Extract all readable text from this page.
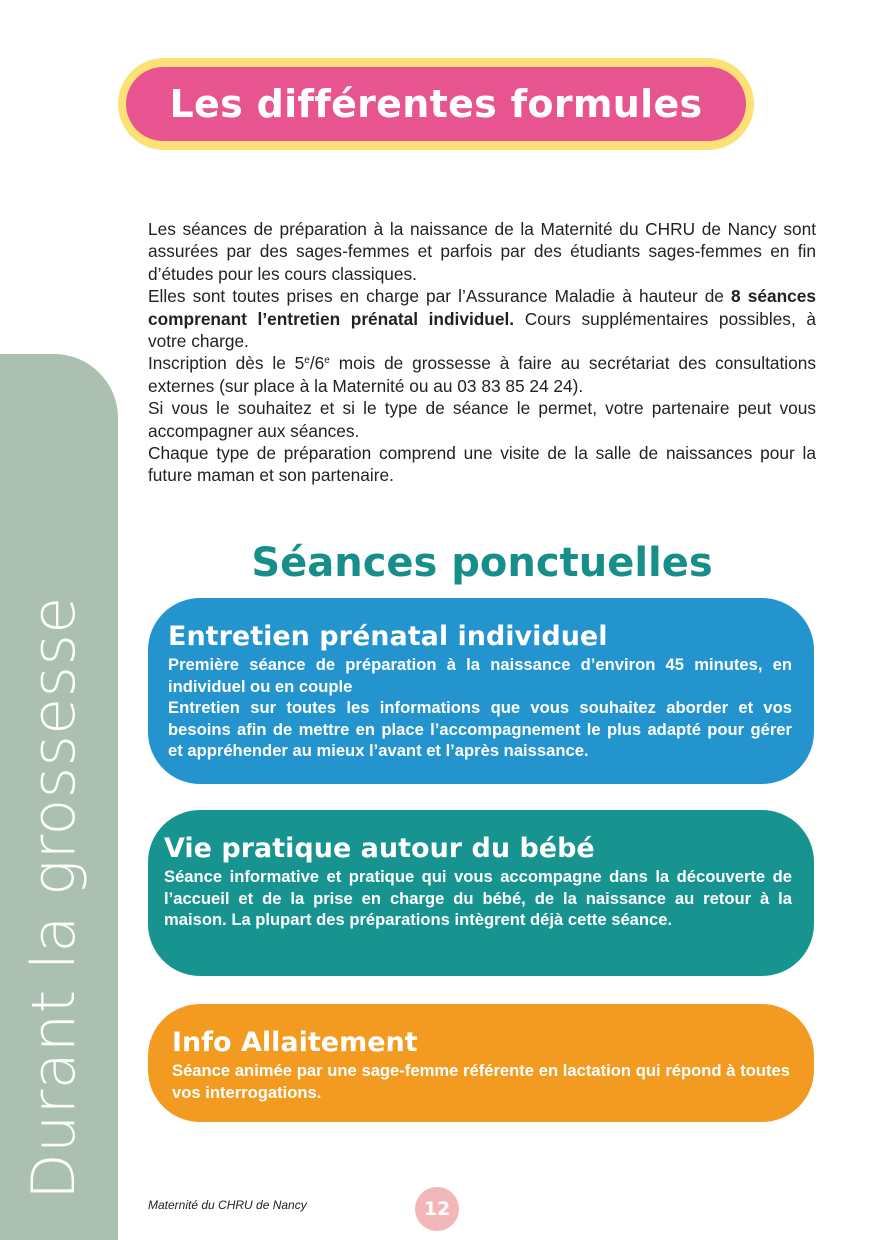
Durant la grossesse
Les différentes formules

Les séances de préparation à la naissance de la Maternité du CHRU de Nancy sont assurées par des sages-femmes et parfois par des étudiants sages-femmes en fin d’études pour les cours classiques.

Elles sont toutes prises en charge par l’Assurance Maladie à hauteur de 8 séances comprenant l’entretien prénatal individuel. Cours supplémentaires possibles, à votre charge.

Inscription dès le 5e/6e mois de grossesse à faire au secrétariat des consultations externes (sur place à la Maternité ou au 03 83 85 24 24).

Si vous le souhaitez et si le type de séance le permet, votre partenaire peut vous accompagner aux séances.

Chaque type de préparation comprend une visite de la salle de naissances pour la future maman et son partenaire.

Séances ponctuelles
Entretien prénatal individuel

Première séance de préparation à la naissance d’environ 45 minutes, en individuel ou en couple

Entretien sur toutes les informations que vous souhaitez aborder et vos besoins afin de mettre en place l’accompagnement le plus adapté pour gérer et appréhender au mieux l’avant et l’après naissance.

Vie pratique autour du bébé

Séance informative et pratique qui vous accompagne dans la découverte de l’accueil et de la prise en charge du bébé, de la naissance au retour à la maison. La plupart des préparations intègrent déjà cette séance.

Info Allaitement

Séance animée par une sage-femme référente en lactation qui répond à toutes vos interrogations.

Maternité du CHRU de Nancy	12
